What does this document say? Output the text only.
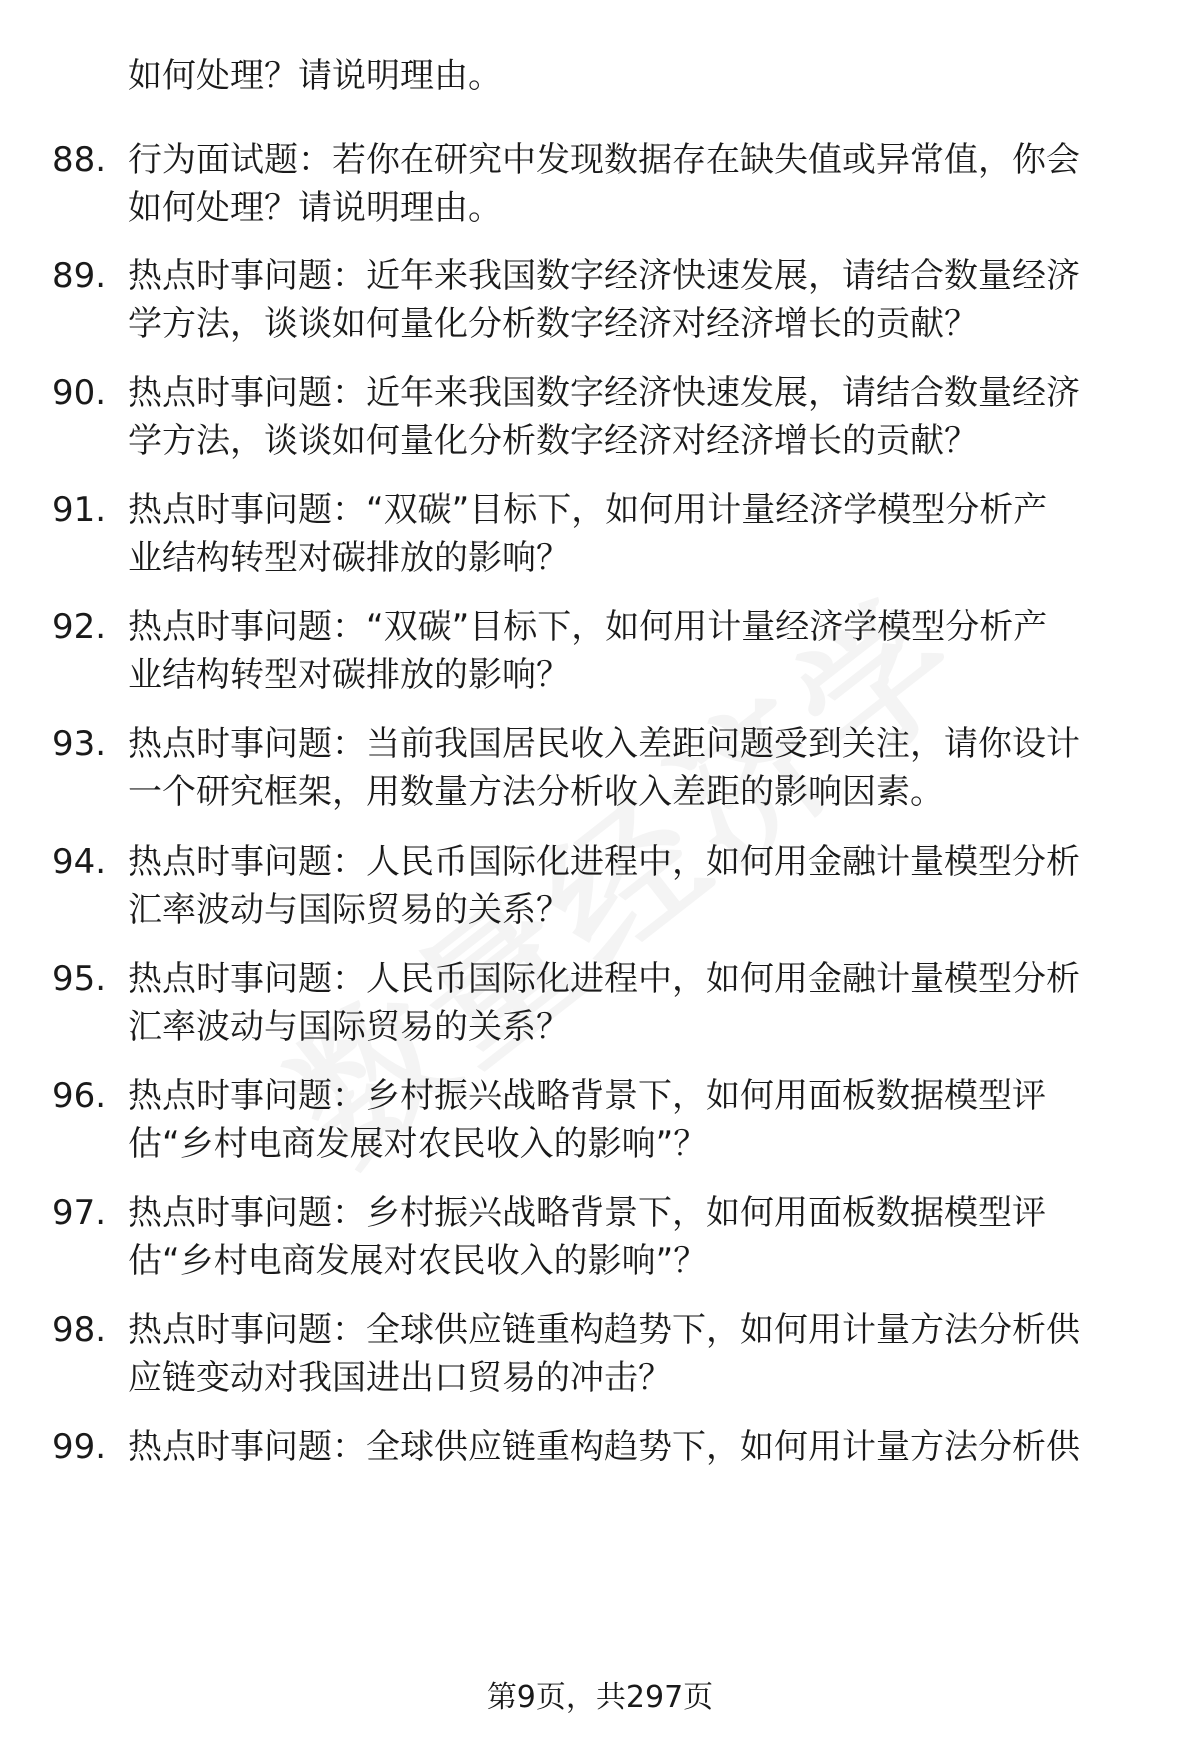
如何处理？请说明理由。
88. 行为面试题：若你在研究中发现数据存在缺失值或异常值，你会
如何处理？请说明理由。
89. 热点时事问题：近年来我国数字经济快速发展，请结合数量经济
学方法，谈谈如何量化分析数字经济对经济增长的贡献？
90. 热点时事问题：近年来我国数字经济快速发展，请结合数量经济
学方法，谈谈如何量化分析数字经济对经济增长的贡献？
91. 热点时事问题：“双碳”目标下，如何用计量经济学模型分析产
业结构转型对碳排放的影响？
92. 热点时事问题：“双碳”目标下，如何用计量经济学模型分析产
业结构转型对碳排放的影响？
93. 热点时事问题：当前我国居民收入差距问题受到关注，请你设计
一个研究框架，用数量方法分析收入差距的影响因素。
94. 热点时事问题：人民币国际化进程中，如何用金融计量模型分析
汇率波动与国际贸易的关系？
95. 热点时事问题：人民币国际化进程中，如何用金融计量模型分析
汇率波动与国际贸易的关系？
96. 热点时事问题：乡村振兴战略背景下，如何用面板数据模型评
估“乡村电商发展对农民收入的影响”？
97. 热点时事问题：乡村振兴战略背景下，如何用面板数据模型评
估“乡村电商发展对农民收入的影响”？
98. 热点时事问题：全球供应链重构趋势下，如何用计量方法分析供
应链变动对我国进出口贸易的冲击？
99. 热点时事问题：全球供应链重构趋势下，如何用计量方法分析供
第9页，共297页
